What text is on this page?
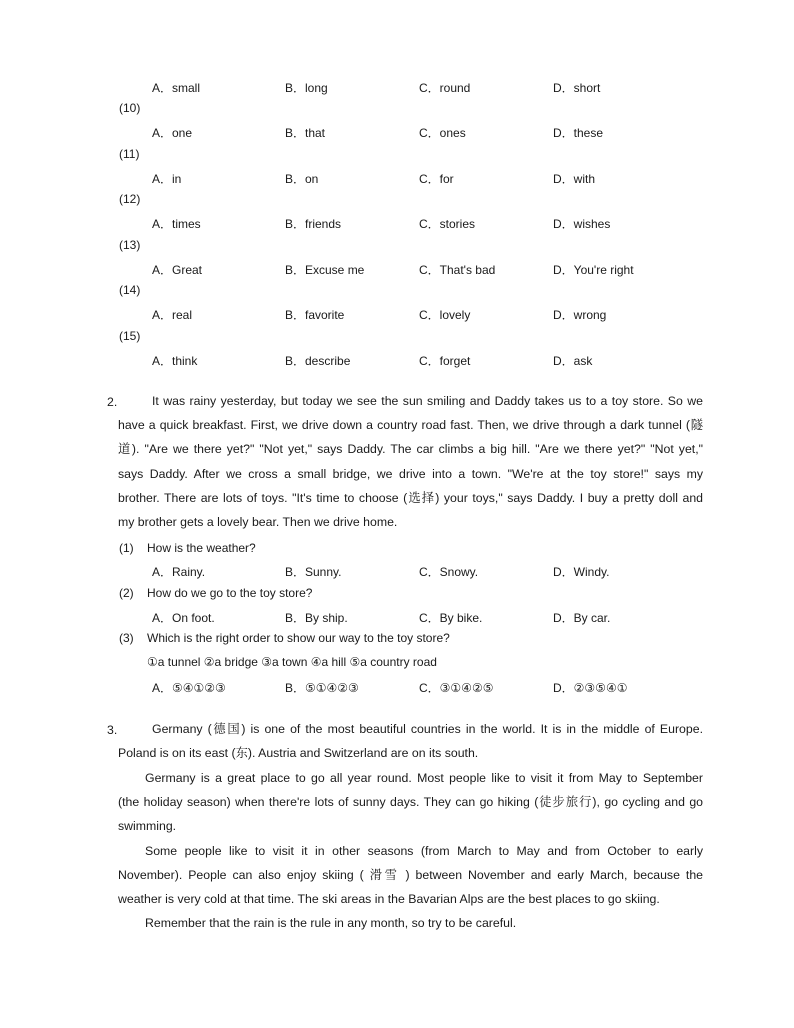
A．small	B．long	C．round	D．short
(10)
A．one	B．that	C．ones	D．these
(11)
A．in	B．on	C．for	D．with
(12)
A．times	B．friends	C．stories	D．wishes
(13)
A．Great	B．Excuse me	C．That's bad	D．You're right
(14)
A．real	B．favorite	C．lovely	D．wrong
(15)
A．think	B．describe	C．forget	D．ask
2.	It was rainy yesterday, but today we see the sun smiling and Daddy takes us to a toy store. So we
have a quick breakfast. First, we drive down a country road fast. Then, we drive through a dark tunnel (隧
道). "Are we there yet?" "Not yet," says Daddy. The car climbs a big hill. "Are we there yet?" "Not yet,"
says Daddy. After we cross a small bridge, we drive into a town. "We're at the toy store!" says my
brother. There are lots of toys. "It's time to choose (选择) your toys," says Daddy. I buy a pretty doll and
my brother gets a lovely bear. Then we drive home.
(1) How is the weather?
A．Rainy.	B．Sunny.	C．Snowy.	D．Windy.
(2) How do we go to the toy store?
A．On foot.	B．By ship.	C．By bike.	D．By car.
(3) Which is the right order to show our way to the toy store?
①a tunnel ②a bridge ③a town ④a hill ⑤a country road
A．⑤④①②③	B．⑤①④②③	C．③①④②⑤	D．②③⑤④①
3.	Germany (德国) is one of the most beautiful countries in the world. It is in the middle of Europe.
Poland is on its east (东). Austria and Switzerland are on its south.
Germany is a great place to go all year round. Most people like to visit it from May to September
(the holiday season) when there're lots of sunny days. They can go hiking (徒步旅行), go cycling and go
swimming.
Some people like to visit it in other seasons (from March to May and from October to early
November). People can also enjoy skiing ( 滑雪 ) between November and early March, because the
weather is very cold at that time. The ski areas in the Bavarian Alps are the best places to go skiing.
Remember that the rain is the rule in any month, so try to be careful.
